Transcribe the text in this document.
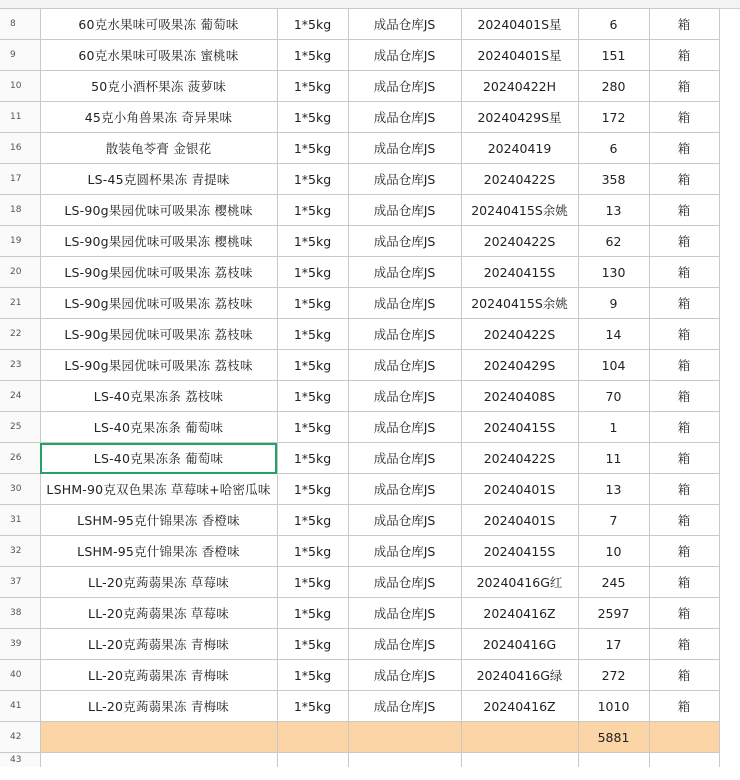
8	60克水果味可吸果冻 葡萄味	1*5kg	成品仓库JS	20240401S星	6	箱
9	60克水果味可吸果冻 蜜桃味	1*5kg	成品仓库JS	20240401S星	151	箱
10	50克小酒杯果冻 菠萝味	1*5kg	成品仓库JS	20240422H	280	箱
11	45克小角兽果冻 奇异果味	1*5kg	成品仓库JS	20240429S星	172	箱
16	散装龟苓膏 金银花	1*5kg	成品仓库JS	20240419	6	箱
17	LS-45克圆杯果冻 青提味	1*5kg	成品仓库JS	20240422S	358	箱
18	LS-90g果园优味可吸果冻 樱桃味	1*5kg	成品仓库JS	20240415S余姚	13	箱
19	LS-90g果园优味可吸果冻 樱桃味	1*5kg	成品仓库JS	20240422S	62	箱
20	LS-90g果园优味可吸果冻 荔枝味	1*5kg	成品仓库JS	20240415S	130	箱
21	LS-90g果园优味可吸果冻 荔枝味	1*5kg	成品仓库JS	20240415S余姚	9	箱
22	LS-90g果园优味可吸果冻 荔枝味	1*5kg	成品仓库JS	20240422S	14	箱
23	LS-90g果园优味可吸果冻 荔枝味	1*5kg	成品仓库JS	20240429S	104	箱
24	LS-40克果冻条 荔枝味	1*5kg	成品仓库JS	20240408S	70	箱
25	LS-40克果冻条 葡萄味	1*5kg	成品仓库JS	20240415S	1	箱
26	LS-40克果冻条 葡萄味	1*5kg	成品仓库JS	20240422S	11	箱
30	LSHM-90克双色果冻 草莓味+哈密瓜味	1*5kg	成品仓库JS	20240401S	13	箱
31	LSHM-95克什锦果冻 香橙味	1*5kg	成品仓库JS	20240401S	7	箱
32	LSHM-95克什锦果冻 香橙味	1*5kg	成品仓库JS	20240415S	10	箱
37	LL-20克蒟蒻果冻 草莓味	1*5kg	成品仓库JS	20240416G红	245	箱
38	LL-20克蒟蒻果冻 草莓味	1*5kg	成品仓库JS	20240416Z	2597	箱
39	LL-20克蒟蒻果冻 青梅味	1*5kg	成品仓库JS	20240416G	17	箱
40	LL-20克蒟蒻果冻 青梅味	1*5kg	成品仓库JS	20240416G绿	272	箱
41	LL-20克蒟蒻果冻 青梅味	1*5kg	成品仓库JS	20240416Z	1010	箱
42					5881	
43						
